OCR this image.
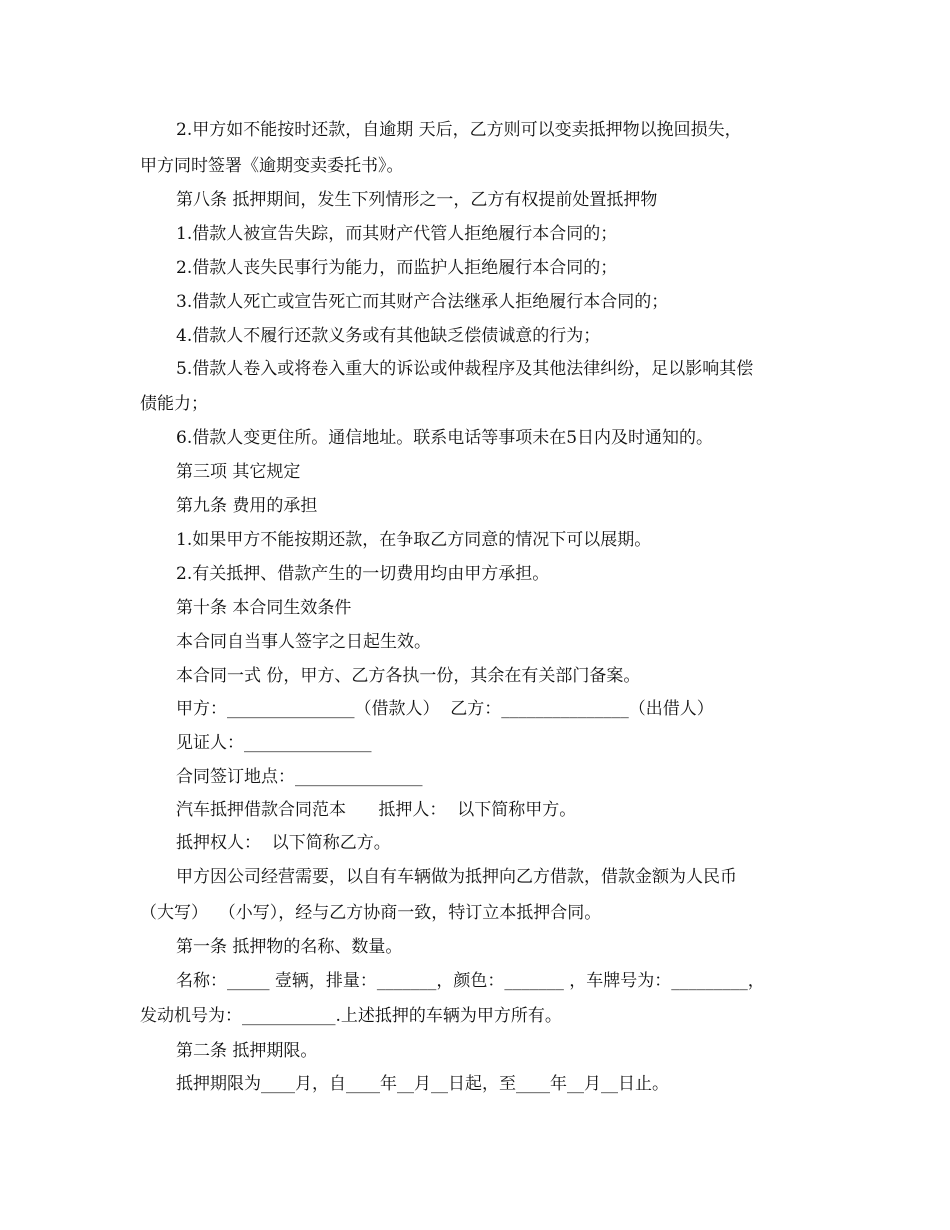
2.甲方如不能按时还款，自逾期 天后，乙方则可以变卖抵押物以挽回损失，
甲方同时签署《逾期变卖委托书》。
第八条 抵押期间，发生下列情形之一，乙方有权提前处置抵押物
1.借款人被宣告失踪，而其财产代管人拒绝履行本合同的；
2.借款人丧失民事行为能力，而监护人拒绝履行本合同的；
3.借款人死亡或宣告死亡而其财产合法继承人拒绝履行本合同的；
4.借款人不履行还款义务或有其他缺乏偿债诚意的行为；
5.借款人卷入或将卷入重大的诉讼或仲裁程序及其他法律纠纷，足以影响其偿
债能力；
6.借款人变更住所。通信地址。联系电话等事项未在5日内及时通知的。
第三项 其它规定
第九条 费用的承担
1.如果甲方不能按期还款，在争取乙方同意的情况下可以展期。
2.有关抵押、借款产生的一切费用均由甲方承担。
第十条 本合同生效条件
本合同自当事人签字之日起生效。
本合同一式 份，甲方、乙方各执一份，其余在有关部门备案。
甲方：_______________（借款人）  乙方：_______________（出借人）
见证人：_______________
合同签订地点：_______________
汽车抵押借款合同范本      抵押人：  以下简称甲方。
抵押权人：  以下简称乙方。
甲方因公司经营需要，以自有车辆做为抵押向乙方借款，借款金额为人民币
（大写）  （小写），经与乙方协商一致，特订立本抵押合同。
第一条 抵押物的名称、数量。
名称：_____ 壹辆，排量：_______，颜色：_______ ，车牌号为：_________，
发动机号为：___________.上述抵押的车辆为甲方所有。
第二条 抵押期限。
抵押期限为____月，自____年__月__日起，至____年__月__日止。
